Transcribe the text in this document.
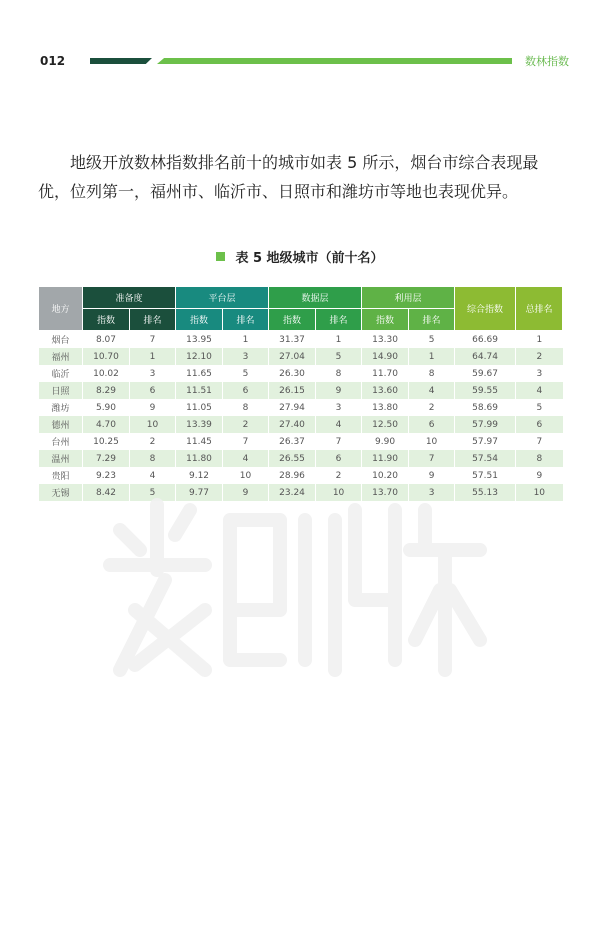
012	数林指数

地级开放数林指数排名前十的城市如表 5 所示，烟台市综合表现最优，位列第一，福州市、临沂市、日照市和潍坊市等地也表现优异。

表 5 地级城市（前十名）
地方	准备度		平台层		数据层		利用层		综合指数	总排名
	指数	排名	指数	排名	指数	排名	指数	排名		
烟台	8.07	7	13.95	1	31.37	1	13.30	5	66.69	1
福州	10.70	1	12.10	3	27.04	5	14.90	1	64.74	2
临沂	10.02	3	11.65	5	26.30	8	11.70	8	59.67	3
日照	8.29	6	11.51	6	26.15	9	13.60	4	59.55	4
潍坊	5.90	9	11.05	8	27.94	3	13.80	2	58.69	5
德州	4.70	10	13.39	2	27.40	4	12.50	6	57.99	6
台州	10.25	2	11.45	7	26.37	7	9.90	10	57.97	7
温州	7.29	8	11.80	4	26.55	6	11.90	7	57.54	8
贵阳	9.23	4	9.12	10	28.96	2	10.20	9	57.51	9
无锡	8.42	5	9.77	9	23.24	10	13.70	3	55.13	10
